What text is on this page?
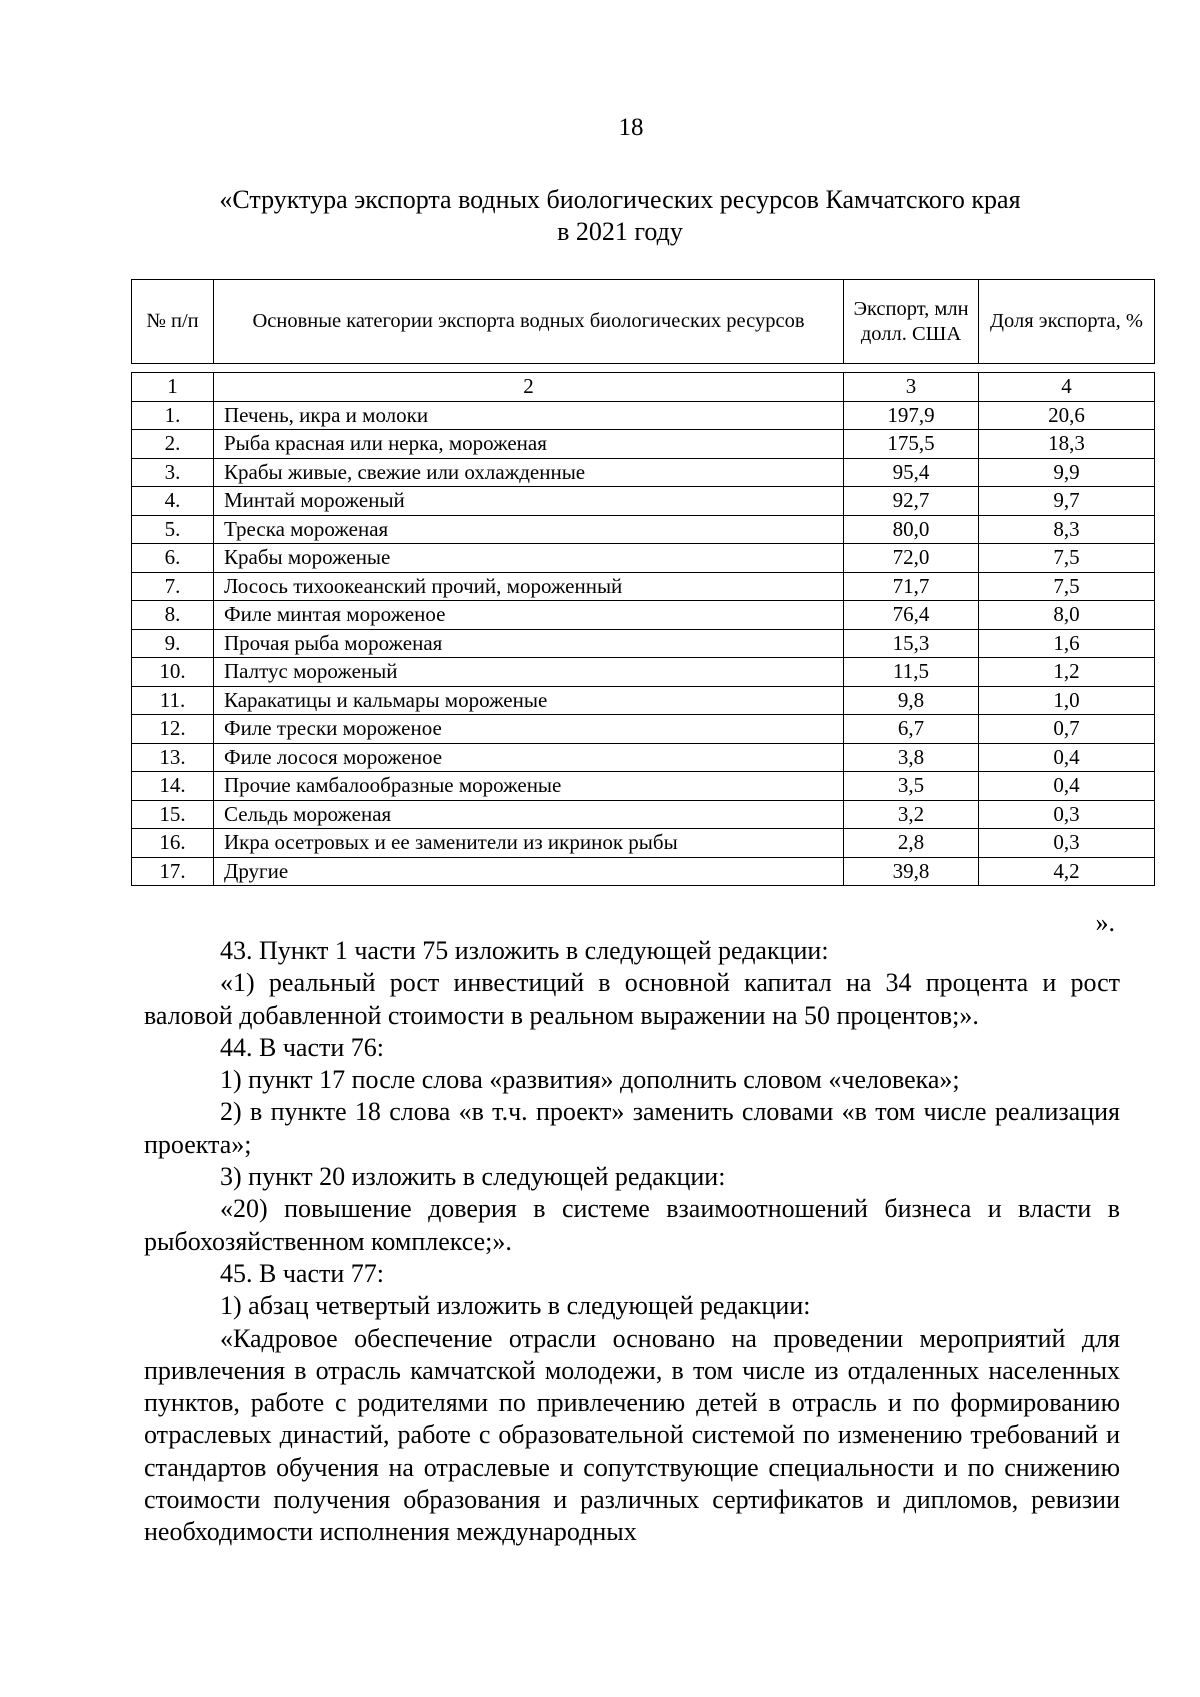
18
«Структура экспорта водных биологических ресурсов Камчатского края
в 2021 году
№ п/п	Основные категории экспорта водных биологических ресурсов	Экспорт, млн долл. США	Доля экспорта, %
1	2	3	4
1.	Печень, икра и молоки	197,9	20,6
2.	Рыба красная или нерка, мороженая	175,5	18,3
3.	Крабы живые, свежие или охлажденные	95,4	9,9
4.	Минтай мороженый	92,7	9,7
5.	Треска мороженая	80,0	8,3
6.	Крабы мороженые	72,0	7,5
7.	Лосось тихоокеанский прочий, мороженный	71,7	7,5
8.	Филе минтая мороженое	76,4	8,0
9.	Прочая рыба мороженая	15,3	1,6
10.	Палтус мороженый	11,5	1,2
11.	Каракатицы и кальмары мороженые	9,8	1,0
12.	Филе трески мороженое	6,7	0,7
13.	Филе лосося мороженое	3,8	0,4
14.	Прочие камбалообразные мороженые	3,5	0,4
15.	Сельдь мороженая	3,2	0,3
16.	Икра осетровых и ее заменители из икринок рыбы	2,8	0,3
17.	Другие	39,8	4,2
».

43. Пункт 1 части 75 изложить в следующей редакции:

«1) реальный рост инвестиций в основной капитал на 34 процента и рост валовой добавленной стоимости в реальном выражении на 50 процентов;».

44. В части 76:

1) пункт 17 после слова «развития» дополнить словом «человека»;

2) в пункте 18 слова «в т.ч. проект» заменить словами «в том числе реализация проекта»;

3) пункт 20 изложить в следующей редакции:

«20) повышение доверия в системе взаимоотношений бизнеса и власти в рыбохозяйственном комплексе;».

45. В части 77:

1) абзац четвертый изложить в следующей редакции:

«Кадровое обеспечение отрасли основано на проведении мероприятий для привлечения в отрасль камчатской молодежи, в том числе из отдаленных населенных пунктов, работе с родителями по привлечению детей в отрасль и по формированию отраслевых династий, работе с образовательной системой по изменению требований и стандартов обучения на отраслевые и сопутствующие специальности и по снижению стоимости получения образования и различных сертификатов и дипломов, ревизии необходимости исполнения международных
